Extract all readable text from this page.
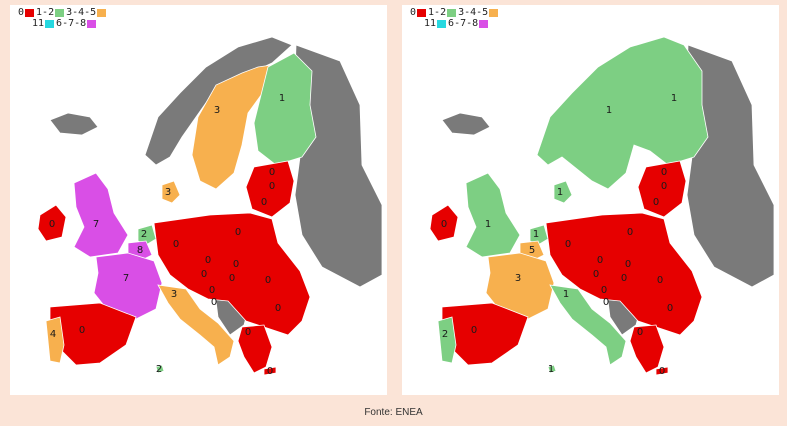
3
1
3
0
0
0
0	7
2
8
0
0
0 0
0 0
0
0
0
7
3
0
0
4	0
2	0
0 1-2 3-4-5
11 6-7-8
1
1
1
0
0
0
0	1
1
5
0
0
0 0
0 0
0
0
0
3
1
0
0
2	0
1	0
0 1-2 3-4-5
11 6-7-8
Fonte: ENEA
